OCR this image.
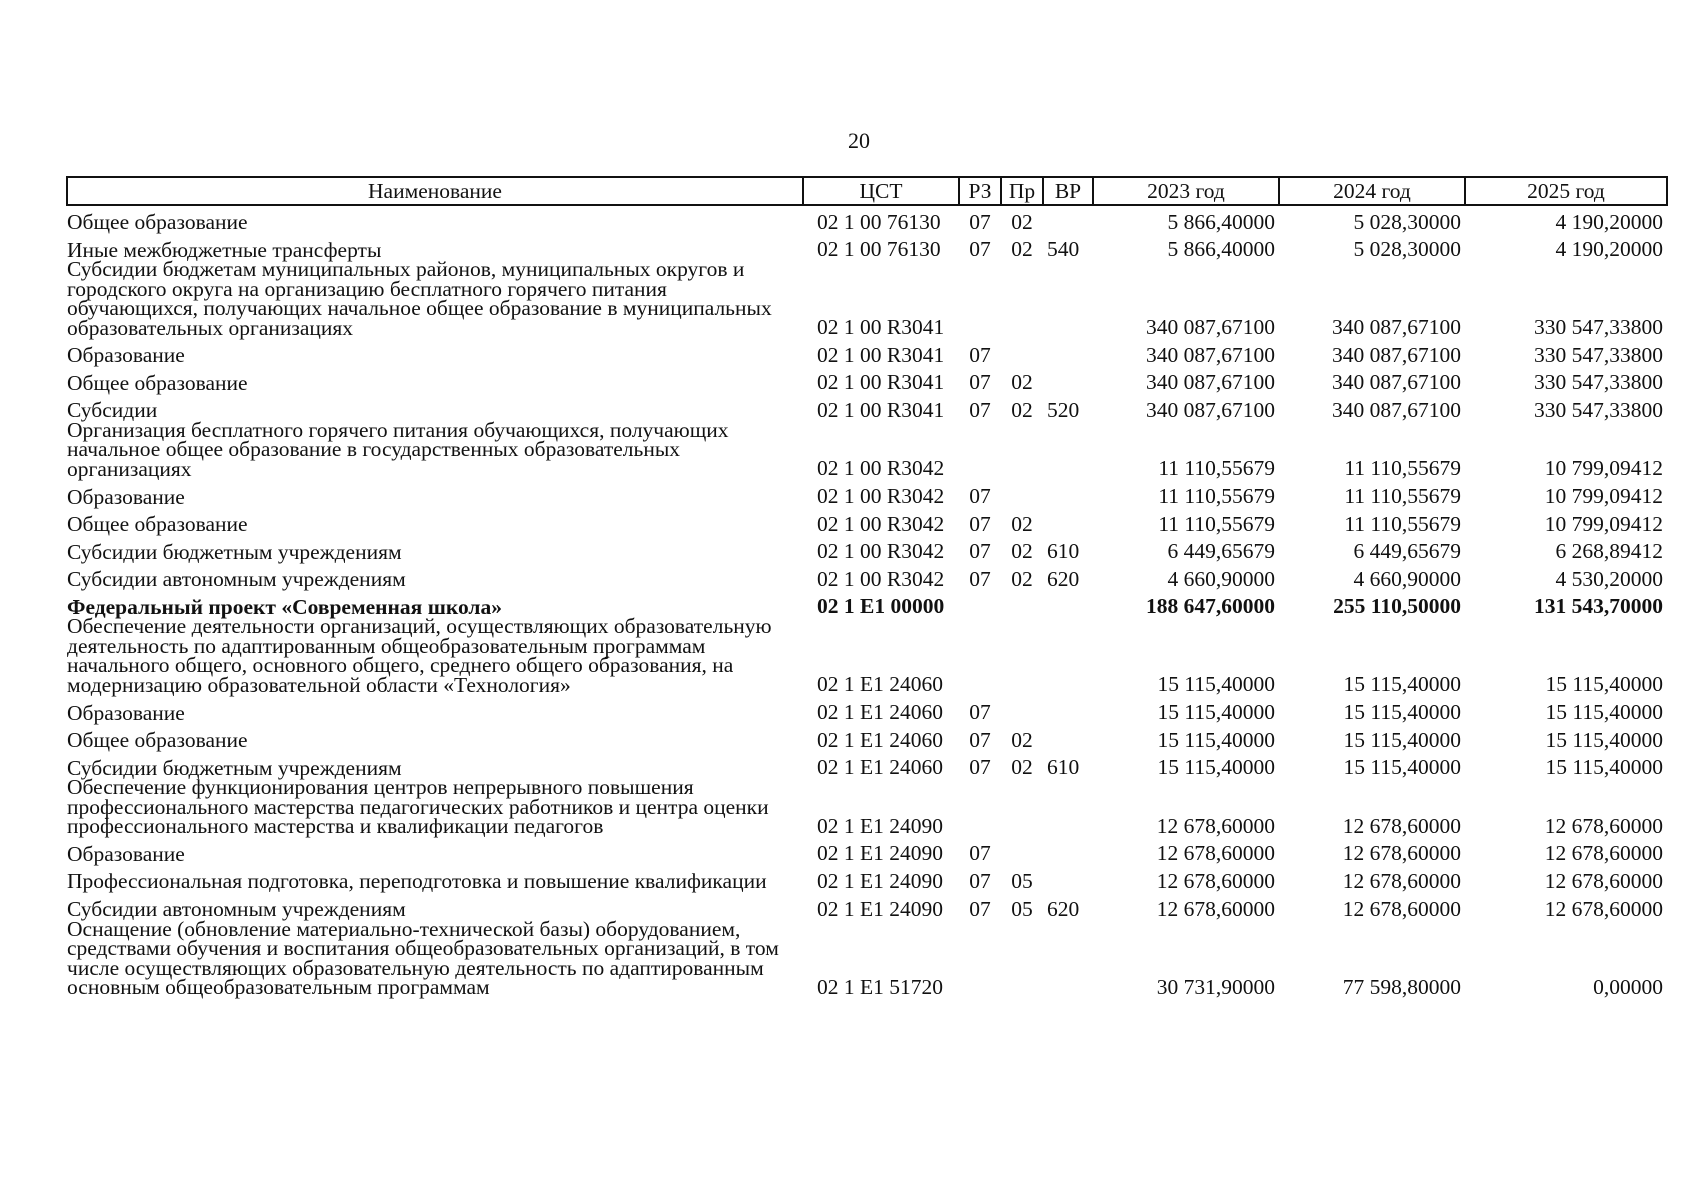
20
Наименование	ЦСТ	РЗ	Пр	ВР	2023 год	2024 год	2025 год
Общее образование	02 1 00 76130	07	02		5 866,40000	5 028,30000	4 190,20000
Иные межбюджетные трансферты	02 1 00 76130	07	02	540	5 866,40000	5 028,30000	4 190,20000
Субсидии бюджетам муниципальных районов, муниципальных округов и городского округа на организацию бесплатного горячего питания обучающихся, получающих начальное общее образование в муниципальных образовательных организациях	02 1 00 R3041				340 087,67100	340 087,67100	330 547,33800
Образование	02 1 00 R3041	07			340 087,67100	340 087,67100	330 547,33800
Общее образование	02 1 00 R3041	07	02		340 087,67100	340 087,67100	330 547,33800
Субсидии	02 1 00 R3041	07	02	520	340 087,67100	340 087,67100	330 547,33800
Организация бесплатного горячего питания обучающихся, получающих начальное общее образование в государственных образовательных организациях	02 1 00 R3042				11 110,55679	11 110,55679	10 799,09412
Образование	02 1 00 R3042	07			11 110,55679	11 110,55679	10 799,09412
Общее образование	02 1 00 R3042	07	02		11 110,55679	11 110,55679	10 799,09412
Субсидии бюджетным учреждениям	02 1 00 R3042	07	02	610	6 449,65679	6 449,65679	6 268,89412
Субсидии автономным учреждениям	02 1 00 R3042	07	02	620	4 660,90000	4 660,90000	4 530,20000
Федеральный проект «Современная школа»	02 1 E1 00000				188 647,60000	255 110,50000	131 543,70000
Обеспечение деятельности организаций, осуществляющих образовательную деятельность по адаптированным общеобразовательным программам начального общего, основного общего, среднего общего образования, на модернизацию образовательной области «Технология»	02 1 E1 24060				15 115,40000	15 115,40000	15 115,40000
Образование	02 1 E1 24060	07			15 115,40000	15 115,40000	15 115,40000
Общее образование	02 1 E1 24060	07	02		15 115,40000	15 115,40000	15 115,40000
Субсидии бюджетным учреждениям	02 1 E1 24060	07	02	610	15 115,40000	15 115,40000	15 115,40000
Обеспечение функционирования центров непрерывного повышения профессионального мастерства педагогических работников и центра оценки профессионального мастерства и квалификации педагогов	02 1 E1 24090				12 678,60000	12 678,60000	12 678,60000
Образование	02 1 E1 24090	07			12 678,60000	12 678,60000	12 678,60000
Профессиональная подготовка, переподготовка и повышение квалификации	02 1 E1 24090	07	05		12 678,60000	12 678,60000	12 678,60000
Субсидии автономным учреждениям	02 1 E1 24090	07	05	620	12 678,60000	12 678,60000	12 678,60000
Оснащение (обновление материально-технической базы) оборудованием, средствами обучения и воспитания общеобразовательных организаций, в том числе осуществляющих образовательную деятельность по адаптированным основным общеобразовательным программам	02 1 E1 51720				30 731,90000	77 598,80000	0,00000
